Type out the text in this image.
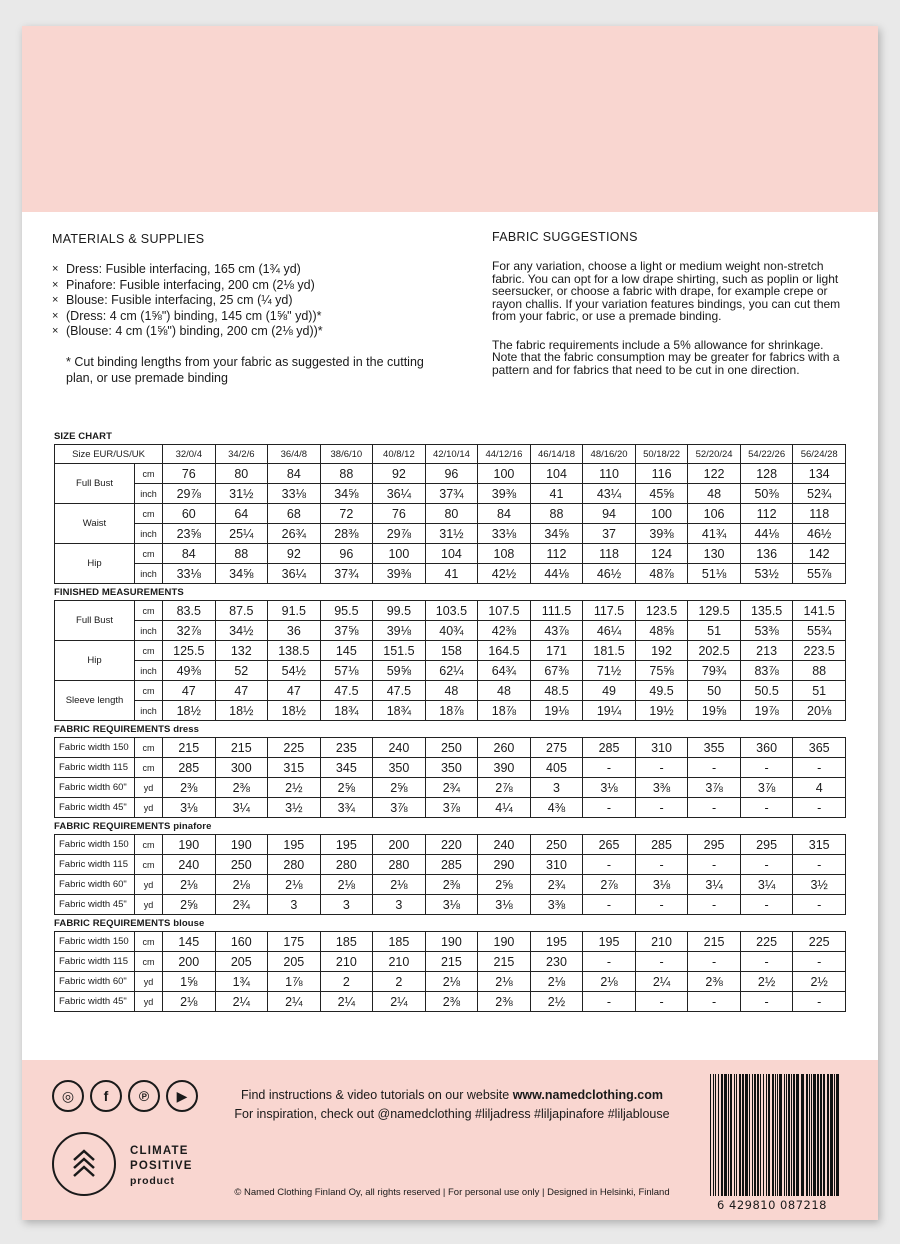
MATERIALS & SUPPLIES
× Dress: Fusible interfacing, 165 cm (1¾ yd)
× Pinafore: Fusible interfacing, 200 cm (2⅛ yd)
× Blouse: Fusible interfacing, 25 cm (¼ yd)
× (Dress: 4 cm (1⅝") binding, 145 cm (1⅝" yd))*
× (Blouse: 4 cm (1⅝") binding, 200 cm (2⅛ yd))*
* Cut binding lengths from your fabric as suggested in the cutting plan, or use premade binding
FABRIC SUGGESTIONS

For any variation, choose a light or medium weight non-stretch fabric. You can opt for a low drape shirting, such as poplin or light seersucker, or choose a fabric with drape, for example crepe or rayon challis. If your variation features bindings, you can cut them from your fabric, or use a premade binding.

The fabric requirements include a 5% allowance for shrinkage. Note that the fabric consumption may be greater for fabrics with a pattern and for fabrics that need to be cut in one direction.

SIZE CHART
Size EUR/US/UK		32/0/4	34/2/6	36/4/8	38/6/10	40/8/12	42/10/14	44/12/16	46/14/18	48/16/20	50/18/22	52/20/24	54/22/26	56/24/28
Full Bust	cm	76	80	84	88	92	96	100	104	110	116	122	128	134
	inch	29⅞	31½	33⅛	34⅝	36¼	37¾	39⅜	41	43¼	45⅝	48	50⅜	52¾
Waist	cm	60	64	68	72	76	80	84	88	94	100	106	112	118
	inch	23⅝	25¼	26¾	28⅜	29⅞	31½	33⅛	34⅝	37	39⅜	41¾	44⅛	46½
Hip	cm	84	88	92	96	100	104	108	112	118	124	130	136	142
	inch	33⅛	34⅝	36¼	37¾	39⅜	41	42½	44⅛	46½	48⅞	51⅛	53½	55⅞
FINISHED MEASUREMENTS
Full Bust	cm	83.5	87.5	91.5	95.5	99.5	103.5	107.5	111.5	117.5	123.5	129.5	135.5	141.5
	inch	32⅞	34½	36	37⅝	39⅛	40¾	42⅜	43⅞	46¼	48⅝	51	53⅜	55¾
Hip	cm	125.5	132	138.5	145	151.5	158	164.5	171	181.5	192	202.5	213	223.5
	inch	49⅜	52	54½	57⅛	59⅝	62¼	64¾	67⅜	71½	75⅝	79¾	83⅞	88
Sleeve length	cm	47	47	47	47.5	47.5	48	48	48.5	49	49.5	50	50.5	51
	inch	18½	18½	18½	18¾	18¾	18⅞	18⅞	19⅛	19¼	19½	19⅝	19⅞	20⅛
FABRIC REQUIREMENTS dress
Fabric width 150	cm	215	215	225	235	240	250	260	275	285	310	355	360	365
Fabric width 115	cm	285	300	315	345	350	350	390	405	-	-	-	-	-
Fabric width 60"	yd	2⅜	2⅜	2½	2⅝	2⅝	2¾	2⅞	3	3⅛	3⅜	3⅞	3⅞	4
Fabric width 45"	yd	3⅛	3¼	3½	3¾	3⅞	3⅞	4¼	4⅜	-	-	-	-	-
FABRIC REQUIREMENTS pinafore
Fabric width 150	cm	190	190	195	195	200	220	240	250	265	285	295	295	315
Fabric width 115	cm	240	250	280	280	280	285	290	310	-	-	-	-	-
Fabric width 60"	yd	2⅛	2⅛	2⅛	2⅛	2⅛	2⅜	2⅝	2¾	2⅞	3⅛	3¼	3¼	3½
Fabric width 45"	yd	2⅝	2¾	3	3	3	3⅛	3⅛	3⅜	-	-	-	-	-
FABRIC REQUIREMENTS blouse
Fabric width 150	cm	145	160	175	185	185	190	190	195	195	210	215	225	225
Fabric width 115	cm	200	205	205	210	210	215	215	230	-	-	-	-	-
Fabric width 60"	yd	1⅝	1¾	1⅞	2	2	2⅛	2⅛	2⅛	2⅛	2¼	2⅜	2½	2½
Fabric width 45"	yd	2⅛	2¼	2¼	2¼	2¼	2⅜	2⅜	2½	-	-	-	-	-
◎	f	℗	▶
CLIMATE
POSITIVE
product
Find instructions & video tutorials on our website www.namedclothing.com
For inspiration, check out @namedclothing #liljadress #liljapinafore #liljablouse
© Named Clothing Finland Oy, all rights reserved | For personal use only | Designed in Helsinki, Finland
6 429810 087218
